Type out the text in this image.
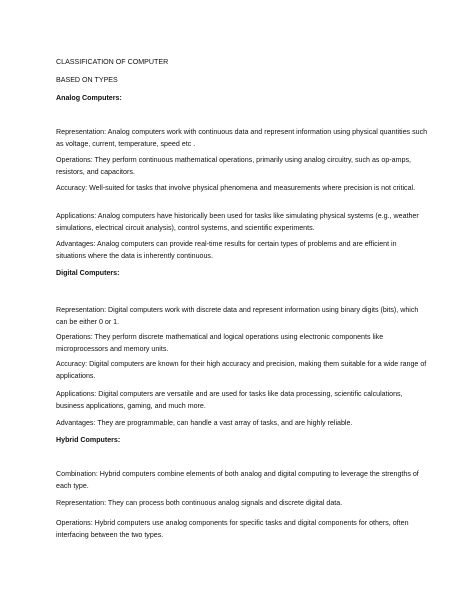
CLASSIFICATION OF COMPUTER
BASED ON TYPES
Analog Computers:
Representation: Analog computers work with continuous data and represent information using physical quantities such as voltage, current, temperature, speed etc .
Operations: They perform continuous mathematical operations, primarily using analog circuitry, such as op-amps, resistors, and capacitors.
Accuracy: Well-suited for tasks that involve physical phenomena and measurements where precision is not critical.
Applications: Analog computers have historically been used for tasks like simulating physical systems (e.g., weather simulations, electrical circuit analysis), control systems, and scientific experiments.
Advantages: Analog computers can provide real-time results for certain types of problems and are efficient in situations where the data is inherently continuous.
Digital Computers:
Representation: Digital computers work with discrete data and represent information using binary digits (bits), which can be either 0 or 1.
Operations: They perform discrete mathematical and logical operations using electronic components like microprocessors and memory units.
Accuracy: Digital computers are known for their high accuracy and precision, making them suitable for a wide range of applications.
Applications: Digital computers are versatile and are used for tasks like data processing, scientific calculations, business applications, gaming, and much more.
Advantages: They are programmable, can handle a vast array of tasks, and are highly reliable.
Hybrid Computers:
Combination: Hybrid computers combine elements of both analog and digital computing to leverage the strengths of each type.
Representation: They can process both continuous analog signals and discrete digital data.
Operations: Hybrid computers use analog components for specific tasks and digital components for others, often interfacing between the two types.
